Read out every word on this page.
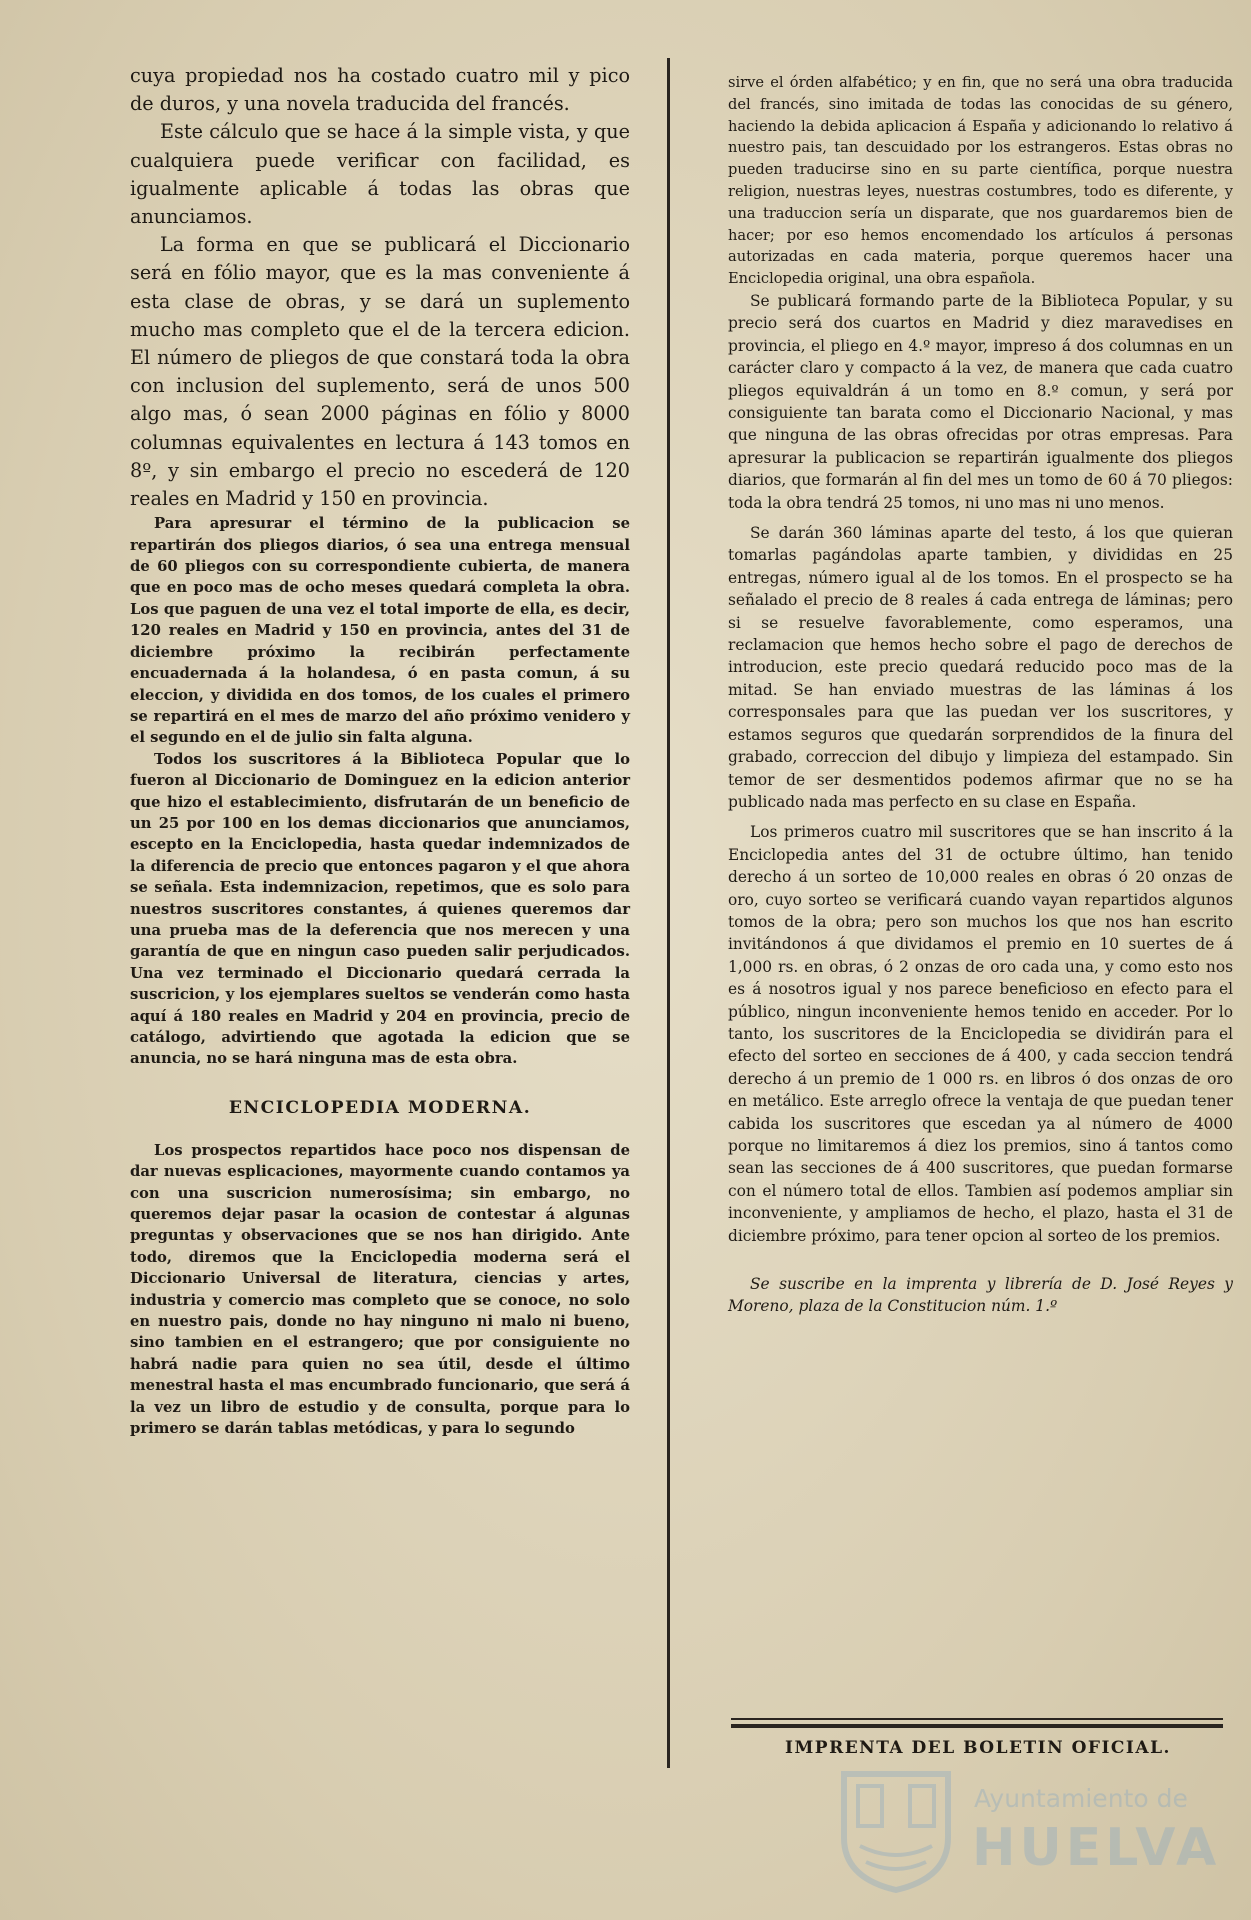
cuya propiedad nos ha costado cuatro mil y pico de duros, y una novela traducida del francés.

Este cálculo que se hace á la simple vista, y que cualquiera puede verificar con facilidad, es igualmente aplicable á todas las obras que anunciamos.

La forma en que se publicará el Diccionario será en fólio mayor, que es la mas conveniente á esta clase de obras, y se dará un suplemento mucho mas completo que el de la tercera edicion. El número de pliegos de que constará toda la obra con inclusion del suplemento, será de unos 500 algo mas, ó sean 2000 páginas en fólio y 8000 columnas equivalentes en lectura á 143 tomos en 8º, y sin embargo el precio no escederá de 120 reales en Madrid y 150 en provincia.

Para apresurar el término de la publicacion se repartirán dos pliegos diarios, ó sea una entrega mensual de 60 pliegos con su correspondiente cubierta, de manera que en poco mas de ocho meses quedará completa la obra. Los que paguen de una vez el total importe de ella, es decir, 120 reales en Madrid y 150 en provincia, antes del 31 de diciembre próximo la recibirán perfectamente encuadernada á la holandesa, ó en pasta comun, á su eleccion, y dividida en dos tomos, de los cuales el primero se repartirá en el mes de marzo del año próximo venidero y el segundo en el de julio sin falta alguna.

Todos los suscritores á la Biblioteca Popular que lo fueron al Diccionario de Dominguez en la edicion anterior que hizo el establecimiento, disfrutarán de un beneficio de un 25 por 100 en los demas diccionarios que anunciamos, escepto en la Enciclopedia, hasta quedar indemnizados de la diferencia de precio que entonces pagaron y el que ahora se señala. Esta indemnizacion, repetimos, que es solo para nuestros suscritores constantes, á quienes queremos dar una prueba mas de la deferencia que nos merecen y una garantía de que en ningun caso pueden salir perjudicados. Una vez terminado el Diccionario quedará cerrada la suscricion, y los ejemplares sueltos se venderán como hasta aquí á 180 reales en Madrid y 204 en provincia, precio de catálogo, advirtiendo que agotada la edicion que se anuncia, no se hará ninguna mas de esta obra.

ENCICLOPEDIA MODERNA.

Los prospectos repartidos hace poco nos dispensan de dar nuevas esplicaciones, mayormente cuando contamos ya con una suscricion numerosísima; sin embargo, no queremos dejar pasar la ocasion de contestar á algunas preguntas y observaciones que se nos han dirigido. Ante todo, diremos que la Enciclopedia moderna será el Diccionario Universal de literatura, ciencias y artes, industria y comercio mas completo que se conoce, no solo en nuestro pais, donde no hay ninguno ni malo ni bueno, sino tambien en el estrangero; que por consiguiente no habrá nadie para quien no sea útil, desde el último menestral hasta el mas encumbrado funcionario, que será á la vez un libro de estudio y de consulta, porque para lo primero se darán tablas metódicas, y para lo segundo

sirve el órden alfabético; y en fin, que no será una obra traducida del francés, sino imitada de todas las conocidas de su género, haciendo la debida aplicacion á España y adicionando lo relativo á nuestro pais, tan descuidado por los estrangeros. Estas obras no pueden traducirse sino en su parte científica, porque nuestra religion, nuestras leyes, nuestras costumbres, todo es diferente, y una traduccion sería un disparate, que nos guardaremos bien de hacer; por eso hemos encomendado los artículos á personas autorizadas en cada materia, porque queremos hacer una Enciclopedia original, una obra española.

Se publicará formando parte de la Biblioteca Popular, y su precio será dos cuartos en Madrid y diez maravedises en provincia, el pliego en 4.º mayor, impreso á dos columnas en un carácter claro y compacto á la vez, de manera que cada cuatro pliegos equivaldrán á un tomo en 8.º comun, y será por consiguiente tan barata como el Diccionario Nacional, y mas que ninguna de las obras ofrecidas por otras empresas. Para apresurar la publicacion se repartirán igualmente dos pliegos diarios, que formarán al fin del mes un tomo de 60 á 70 pliegos: toda la obra tendrá 25 tomos, ni uno mas ni uno menos.

Se darán 360 láminas aparte del testo, á los que quieran tomarlas pagándolas aparte tambien, y divididas en 25 entregas, número igual al de los tomos. En el prospecto se ha señalado el precio de 8 reales á cada entrega de láminas; pero si se resuelve favorablemente, como esperamos, una reclamacion que hemos hecho sobre el pago de derechos de introducion, este precio quedará reducido poco mas de la mitad. Se han enviado muestras de las láminas á los corresponsales para que las puedan ver los suscritores, y estamos seguros que quedarán sorprendidos de la finura del grabado, correccion del dibujo y limpieza del estampado. Sin temor de ser desmentidos podemos afirmar que no se ha publicado nada mas perfecto en su clase en España.

Los primeros cuatro mil suscritores que se han inscrito á la Enciclopedia antes del 31 de octubre último, han tenido derecho á un sorteo de 10,000 reales en obras ó 20 onzas de oro, cuyo sorteo se verificará cuando vayan repartidos algunos tomos de la obra; pero son muchos los que nos han escrito invitándonos á que dividamos el premio en 10 suertes de á 1,000 rs. en obras, ó 2 onzas de oro cada una, y como esto nos es á nosotros igual y nos parece beneficioso en efecto para el público, ningun inconveniente hemos tenido en acceder. Por lo tanto, los suscritores de la Enciclopedia se dividirán para el efecto del sorteo en secciones de á 400, y cada seccion tendrá derecho á un premio de 1 000 rs. en libros ó dos onzas de oro en metálico. Este arreglo ofrece la ventaja de que puedan tener cabida los suscritores que escedan ya al número de 4000 porque no limitaremos á diez los premios, sino á tantos como sean las secciones de á 400 suscritores, que puedan formarse con el número total de ellos. Tambien así podemos ampliar sin inconveniente, y ampliamos de hecho, el plazo, hasta el 31 de diciembre próximo, para tener opcion al sorteo de los premios.

Se suscribe en la imprenta y librería de D. José Reyes y Moreno, plaza de la Constitucion núm. 1.º

IMPRENTA DEL BOLETIN OFICIAL.
Ayuntamiento de
HUELVA
